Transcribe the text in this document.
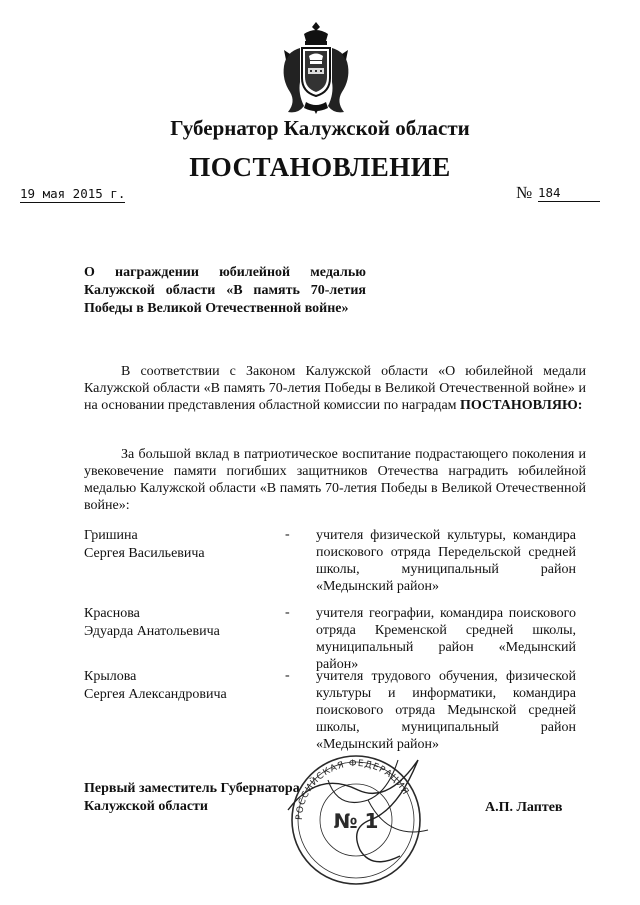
Губернатор Калужской области
ПОСТАНОВЛЕНИЕ
19 мая 2015 г.	№ 184
О награждении юбилейной медалью Калужской области «В память 70-летия Победы в Великой Отечественной войне»
В соответствии с Законом Калужской области «О юбилейной медали Калужской области «В память 70-летия Победы в Великой Отечественной войне» и на основании представления областной комиссии по наградам ПОСТАНОВЛЯЮ:
За большой вклад в патриотическое воспитание подрастающего поколения и увековечение памяти погибших защитников Отечества наградить юбилейной медалью Калужской области «В память 70-летия Победы в Великой Отечественной войне»:
Гришина
Сергея Васильевича
- учителя физической культуры, командира поискового отряда Передельской средней школы, муниципальный район «Медынский район»
Краснова
Эдуарда Анатольевича
- учителя географии, командира поискового отряда Кременской средней школы, муниципальный район «Медынский район»
Крылова
Сергея Александровича
- учителя трудового обучения, физической культуры и информатики, командира поискового отряда Медынской средней школы, муниципальный район «Медынский район»
Первый заместитель Губернатора
Калужской области	А.П. Лаптев
РОССИЙСКАЯ ФЕДЕРАЦИЯ
№ 1
